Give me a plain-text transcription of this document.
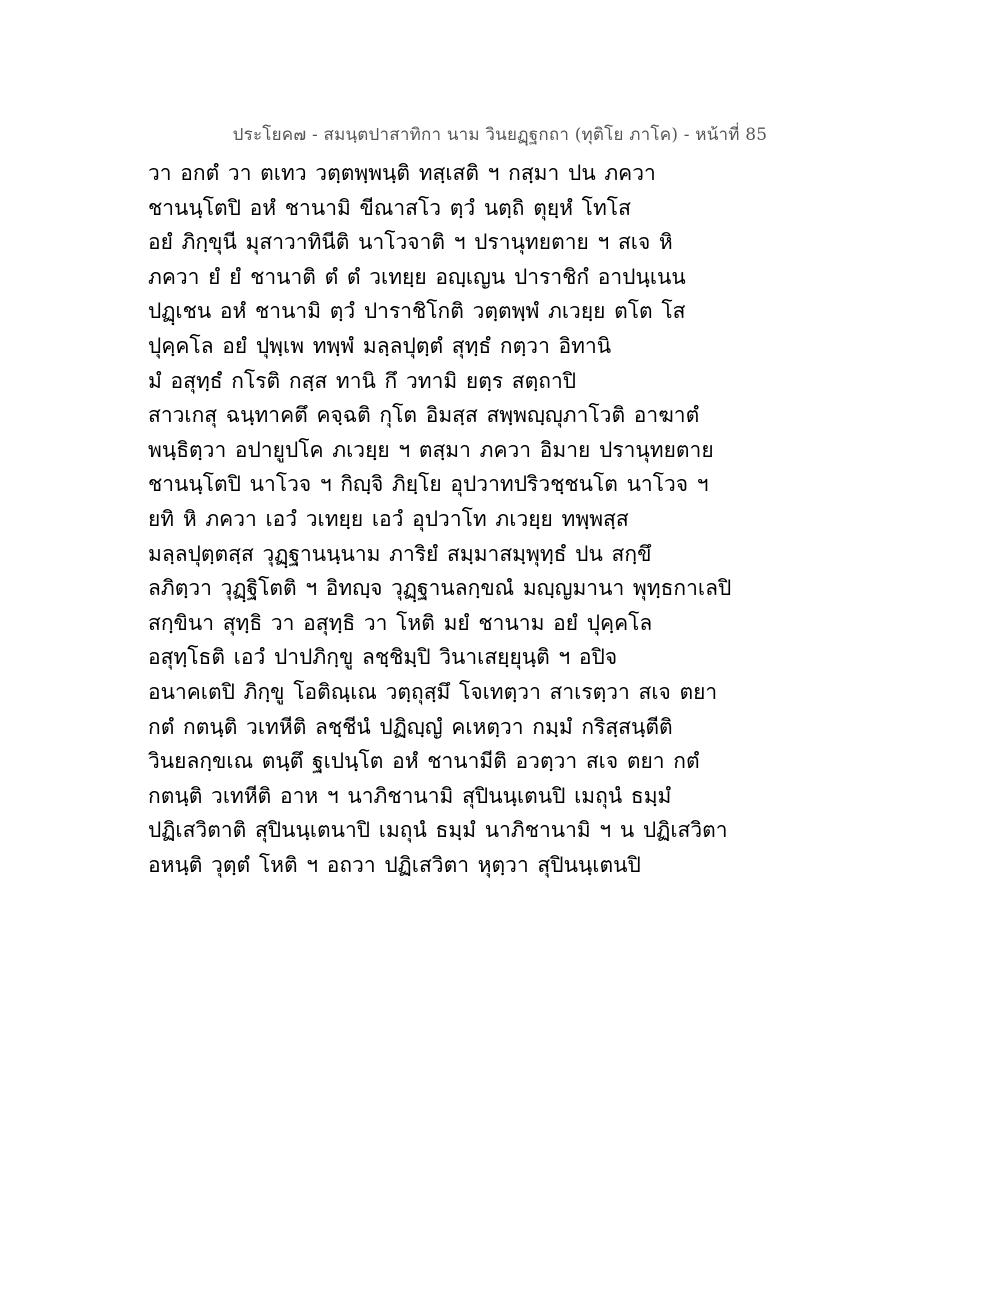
ประโยค๗ - สมนฺตปาสาทิกา นาม วินยฏฺฐกถา (ทุติโย ภาโค) - หน้าที่ 85
วา อกตํ วา ตเทว วตฺตพฺพนฺติ ทสฺเสติ ฯ กสฺมา ปน ภควา
ชานนฺโตปิ อหํ ชานามิ ขีณาสโว ตฺวํ นตฺถิ ตุยฺหํ โทโส
อยํ ภิกฺขุนี มุสาวาทินีติ นาโวจาติ ฯ ปรานุทยตาย ฯ สเจ หิ
ภควา ยํ ยํ ชานาติ ตํ ตํ วเทยฺย อญฺเญน ปาราชิกํ อาปนฺเนน
ปฏฺเชน อหํ ชานามิ ตฺวํ ปาราชิโกติ วตฺตพฺพํ ภเวยฺย ตโต โส
ปุคฺคโล อยํ ปุพฺเพ ทพฺพํ มลฺลปุตฺตํ สุทฺธํ กตฺวา อิทานิ
มํ อสุทฺธํ กโรติ กสฺส ทานิ กึ วทามิ ยตฺร สตฺถาปิ
สาวเกสุ ฉนฺทาคตึ คจฺฉติ กุโต อิมสฺส สพฺพญฺญุภาโวติ อาฆาตํ
พนฺธิตฺวา อปายูปโค ภเวยฺย ฯ ตสฺมา ภควา อิมาย ปรานุทยตาย
ชานนฺโตปิ นาโวจ ฯ กิญฺจิ ภิยฺโย อุปวาทปริวชฺชนโต นาโวจ ฯ
ยทิ หิ ภควา เอวํ วเทยฺย เอวํ อุปวาโท ภเวยฺย ทพฺพสฺส
มลฺลปุตฺตสฺส วุฏฺฐานนฺนาม ภาริยํ สมฺมาสมฺพุทฺธํ ปน สกฺขึ
ลภิตฺวา วุฏฺฐิโตติ ฯ อิทญฺจ วุฏฺฐานลกฺขณํ มญฺญมานา พุทฺธกาเลปิ
สกฺขินา สุทฺธิ วา อสุทฺธิ วา โหติ มยํ ชานาม อยํ ปุคฺคโล
อสุทฺโธติ เอวํ ปาปภิกฺขู ลชฺชิมฺปิ วินาเสยฺยุนฺติ ฯ อปิจ
อนาคเตปิ ภิกฺขู โอติณฺเณ วตฺถุสฺมึ โจเทตฺวา สาเรตฺวา สเจ ตยา
กตํ กตนฺติ วเทหีติ ลชฺชีนํ ปฏิญฺญํ คเหตฺวา กมฺมํ กริสฺสนฺตีติ
วินยลกฺขเณ ตนฺตึ ฐเปนฺโต อหํ ชานามีติ อวตฺวา สเจ ตยา กตํ
กตนฺติ วเทหีติ อาห ฯ นาภิชานามิ สุปินนฺเตนปิ เมถุนํ ธมฺมํ
ปฏิเสวิตาติ สุปินนฺเตนาปิ เมถุนํ ธมฺมํ นาภิชานามิ ฯ น ปฏิเสวิตา
อหนฺติ วุตฺตํ โหติ ฯ อถวา ปฏิเสวิตา หุตฺวา สุปินนฺเตนปิ
